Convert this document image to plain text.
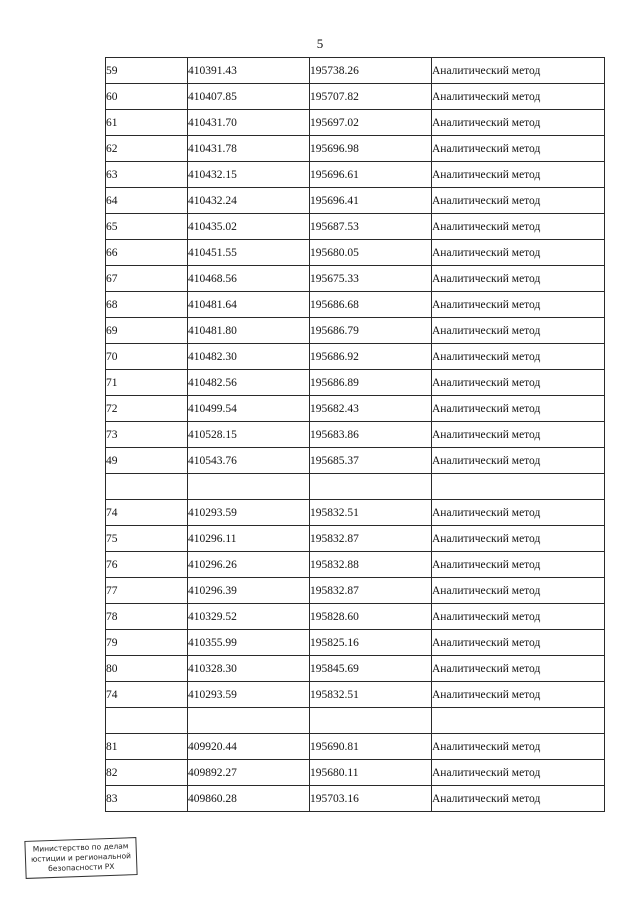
5
59	410391.43	195738.26	Аналитический метод
60	410407.85	195707.82	Аналитический метод
61	410431.70	195697.02	Аналитический метод
62	410431.78	195696.98	Аналитический метод
63	410432.15	195696.61	Аналитический метод
64	410432.24	195696.41	Аналитический метод
65	410435.02	195687.53	Аналитический метод
66	410451.55	195680.05	Аналитический метод
67	410468.56	195675.33	Аналитический метод
68	410481.64	195686.68	Аналитический метод
69	410481.80	195686.79	Аналитический метод
70	410482.30	195686.92	Аналитический метод
71	410482.56	195686.89	Аналитический метод
72	410499.54	195682.43	Аналитический метод
73	410528.15	195683.86	Аналитический метод
49	410543.76	195685.37	Аналитический метод

74	410293.59	195832.51	Аналитический метод
75	410296.11	195832.87	Аналитический метод
76	410296.26	195832.88	Аналитический метод
77	410296.39	195832.87	Аналитический метод
78	410329.52	195828.60	Аналитический метод
79	410355.99	195825.16	Аналитический метод
80	410328.30	195845.69	Аналитический метод
74	410293.59	195832.51	Аналитический метод

81	409920.44	195690.81	Аналитический метод
82	409892.27	195680.11	Аналитический метод
83	409860.28	195703.16	Аналитический метод
Министерство по делам
юстиции и региональной
безопасности РХ
